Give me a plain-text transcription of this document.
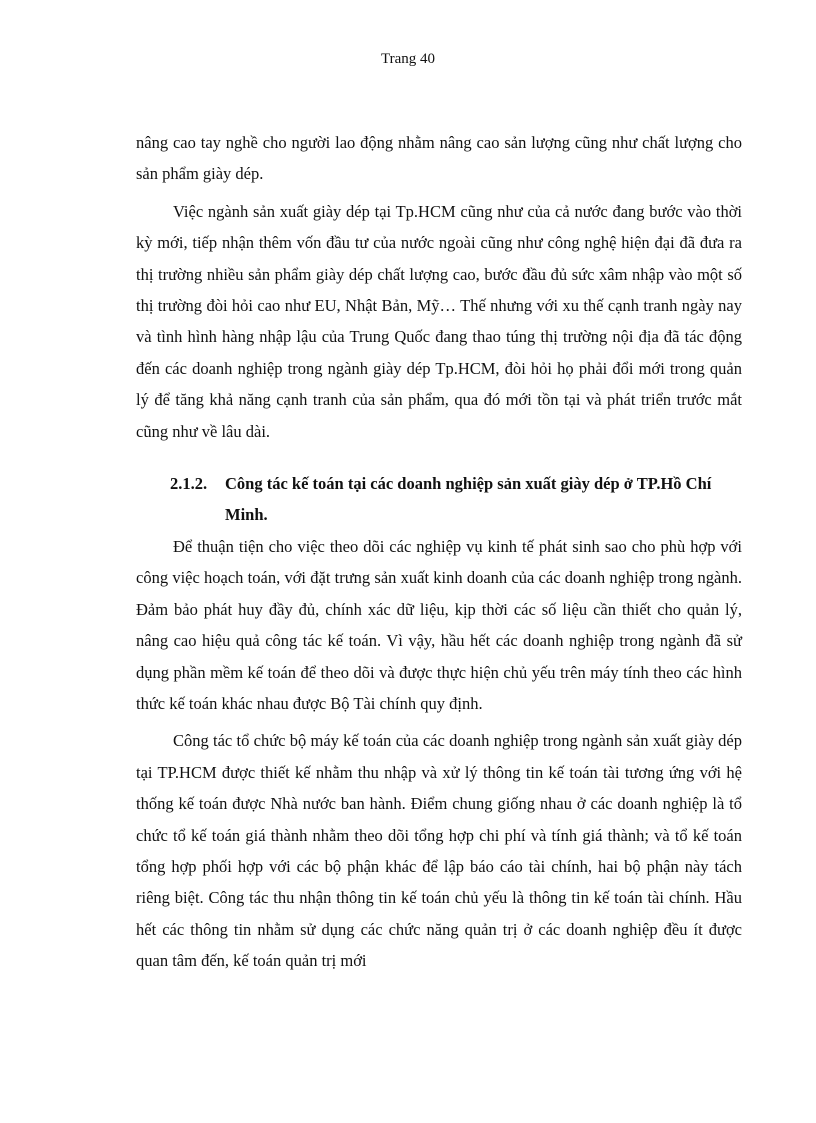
Trang 40

nâng cao tay nghề cho người lao động nhằm nâng cao sản lượng cũng như chất lượng cho sản phẩm giày dép.

Việc ngành sản xuất giày dép tại Tp.HCM cũng như của cả nước đang bước vào thời kỳ mới, tiếp nhận thêm vốn đầu tư của nước ngoài cũng như công nghệ hiện đại đã đưa ra thị trường nhiều sản phẩm giày dép chất lượng cao, bước đầu đủ sức xâm nhập vào một số thị trường đòi hỏi cao như EU, Nhật Bản, Mỹ… Thế nhưng với xu thế cạnh tranh ngày nay và tình hình hàng nhập lậu của Trung Quốc đang thao túng thị trường nội địa đã tác động đến các doanh nghiệp trong ngành giày dép Tp.HCM, đòi hỏi họ phải đổi mới trong quản lý để tăng khả năng cạnh tranh của sản phẩm, qua đó mới tồn tại và phát triển trước mắt cũng như về lâu dài.

2.1.2. Công tác kế toán tại các doanh nghiệp sản xuất giày dép ở TP.Hồ Chí Minh.

Để thuận tiện cho việc theo dõi các nghiệp vụ kinh tế phát sinh sao cho phù hợp với công việc hoạch toán, với đặt trưng sản xuất kinh doanh của các doanh nghiệp trong ngành. Đảm bảo phát huy đầy đủ, chính xác dữ liệu, kịp thời các số liệu cần thiết cho quản lý, nâng cao hiệu quả công tác kế toán. Vì vậy, hầu hết các doanh nghiệp trong ngành đã sử dụng phần mềm kế toán để theo dõi và được thực hiện chủ yếu trên máy tính theo các hình thức kế toán khác nhau được Bộ Tài chính quy định.

Công tác tổ chức bộ máy kế toán của các doanh nghiệp trong ngành sản xuất giày dép tại TP.HCM được thiết kế nhằm thu nhập và xử lý thông tin kế toán tài tương ứng với hệ thống kế toán được Nhà nước ban hành. Điểm chung giống nhau ở các doanh nghiệp là tổ chức tổ kế toán giá thành nhằm theo dõi tổng hợp chi phí và tính giá thành; và tổ kế toán tổng hợp phối hợp với các bộ phận khác để lập báo cáo tài chính, hai bộ phận này tách riêng biệt. Công tác thu nhận thông tin kế toán chủ yếu là thông tin kế toán tài chính. Hầu hết các thông tin nhằm sử dụng các chức năng quản trị ở các doanh nghiệp đều ít được quan tâm đến, kế toán quản trị mới
